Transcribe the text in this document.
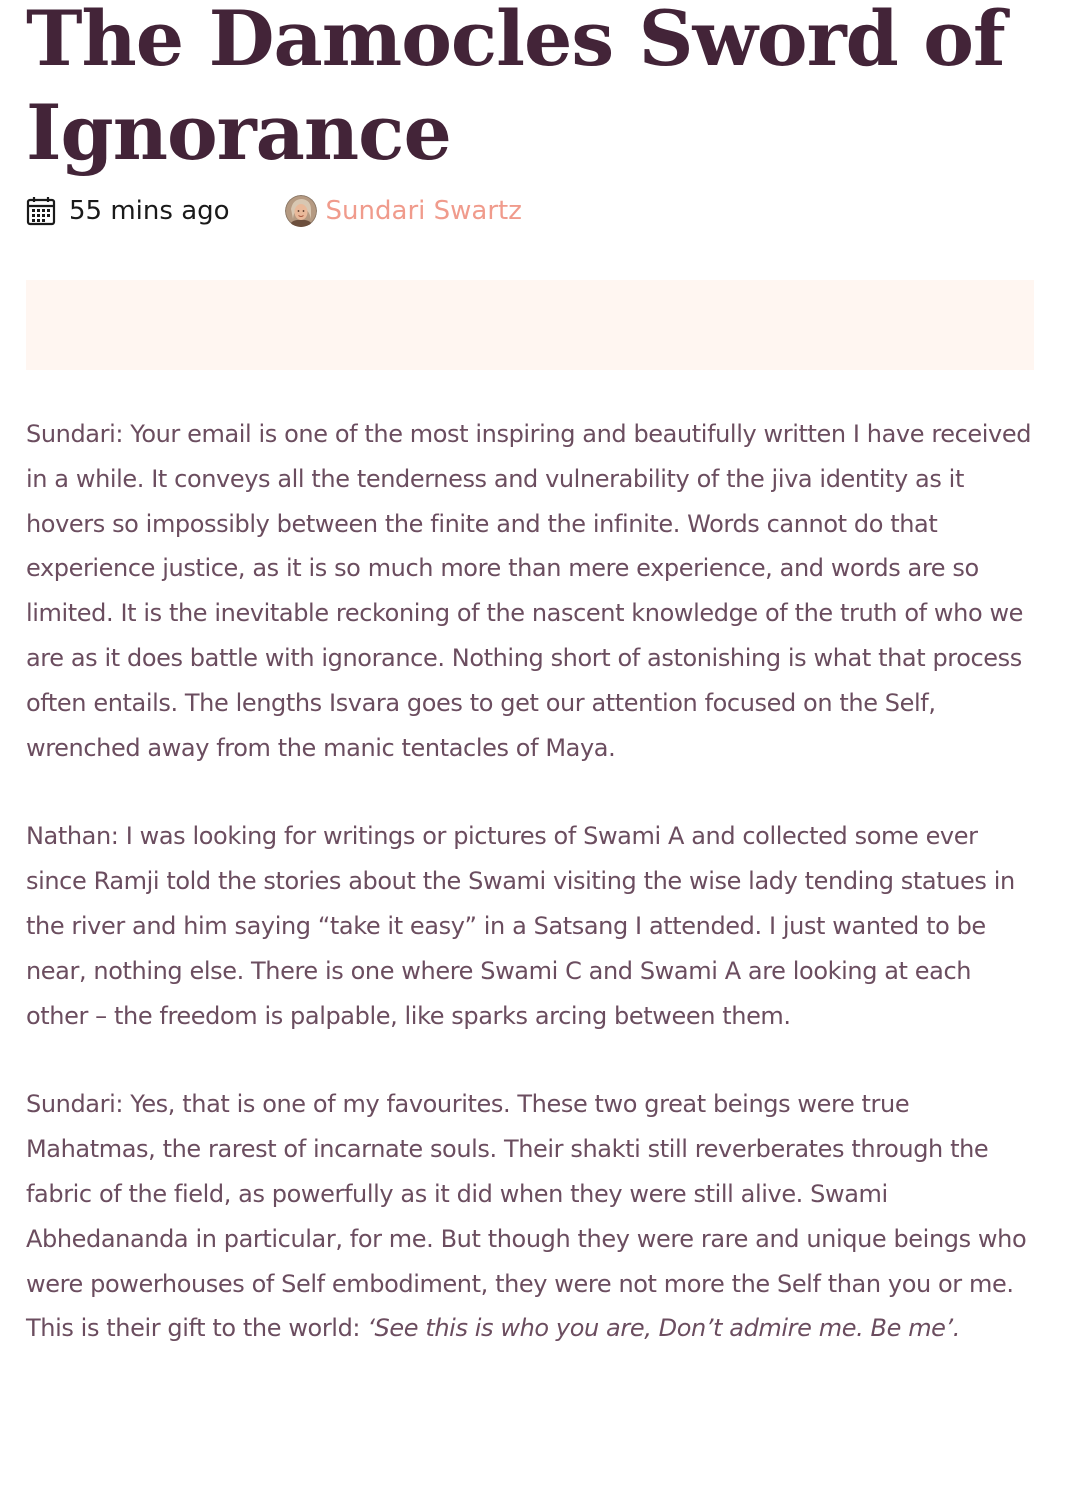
The Damocles Sword of Ignorance
55 mins ago	Sundari Swartz

Sundari: Your email is one of the most inspiring and beautifully written I have received in a while. It conveys all the tenderness and vulnerability of the jiva identity as it hovers so impossibly between the finite and the infinite. Words cannot do that experience justice, as it is so much more than mere experience, and words are so limited. It is the inevitable reckoning of the nascent knowledge of the truth of who we are as it does battle with ignorance. Nothing short of astonishing is what that process often entails. The lengths Isvara goes to get our attention focused on the Self, wrenched away from the manic tentacles of Maya.

Nathan: I was looking for writings or pictures of Swami A and collected some ever since Ramji told the stories about the Swami visiting the wise lady tending statues in the river and him saying “take it easy” in a Satsang I attended. I just wanted to be near, nothing else. There is one where Swami C and Swami A are looking at each other – the freedom is palpable, like sparks arcing between them.

Sundari: Yes, that is one of my favourites. These two great beings were true Mahatmas, the rarest of incarnate souls. Their shakti still reverberates through the fabric of the field, as powerfully as it did when they were still alive. Swami Abhedananda in particular, for me. But though they were rare and unique beings who were powerhouses of Self embodiment, they were not more the Self than you or me. This is their gift to the world: ‘See this is who you are, Don’t admire me. Be me’.
